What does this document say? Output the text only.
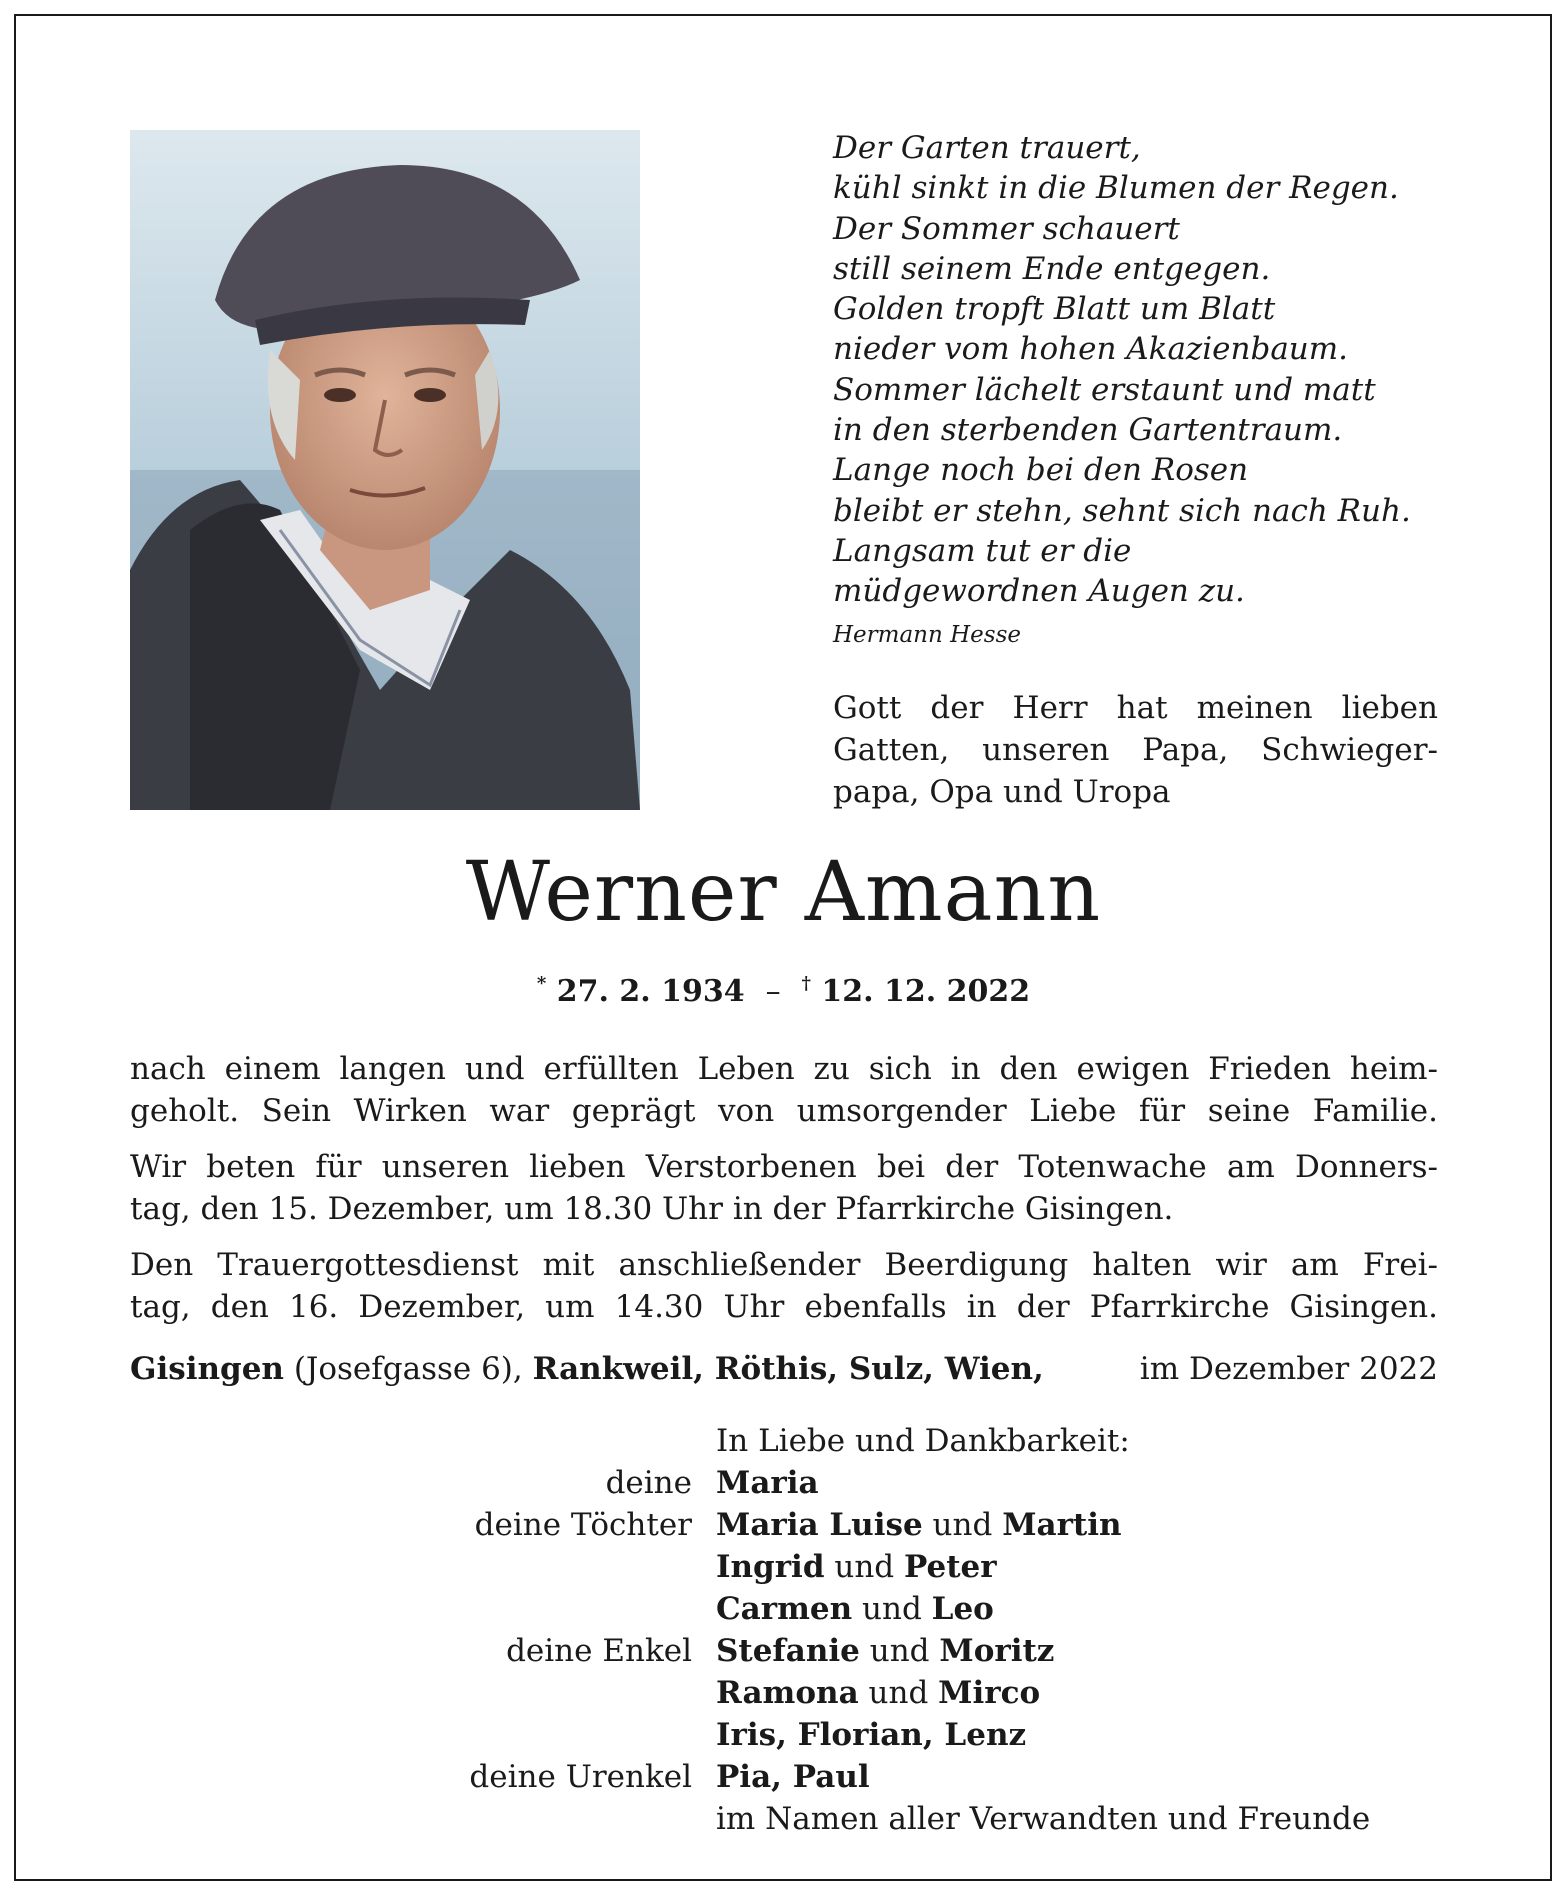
Der Garten trauert,
kühl sinkt in die Blumen der Regen.
Der Sommer schauert
still seinem Ende entgegen.
Golden tropft Blatt um Blatt
nieder vom hohen Akazienbaum.
Sommer lächelt erstaunt und matt
in den sterbenden Gartentraum.
Lange noch bei den Rosen
bleibt er stehn, sehnt sich nach Ruh.
Langsam tut er die
müdgewordnen Augen zu.
Hermann Hesse
Gott der Herr hat meinen lieben
Gatten, unseren Papa, Schwieger-
papa, Opa und Uropa
Werner Amann
* 27. 2. 1934 – † 12. 12. 2022
nach einem langen und erfüllten Leben zu sich in den ewigen Frieden heim-
geholt. Sein Wirken war geprägt von umsorgender Liebe für seine Familie.
Wir beten für unseren lieben Verstorbenen bei der Totenwache am Donners-
tag, den 15. Dezember, um 18.30 Uhr in der Pfarrkirche Gisingen.
Den Trauergottesdienst mit anschließender Beerdigung halten wir am Frei-
tag, den 16. Dezember, um 14.30 Uhr ebenfalls in der Pfarrkirche Gisingen.
Gisingen (Josefgasse 6), Rankweil, Röthis, Sulz, Wien,	im Dezember 2022
In Liebe und Dankbarkeit:
deine Maria
deine Töchter Maria Luise und Martin
Ingrid und Peter
Carmen und Leo
deine Enkel Stefanie und Moritz
Ramona und Mirco
Iris, Florian, Lenz
deine Urenkel Pia, Paul
im Namen aller Verwandten und Freunde
